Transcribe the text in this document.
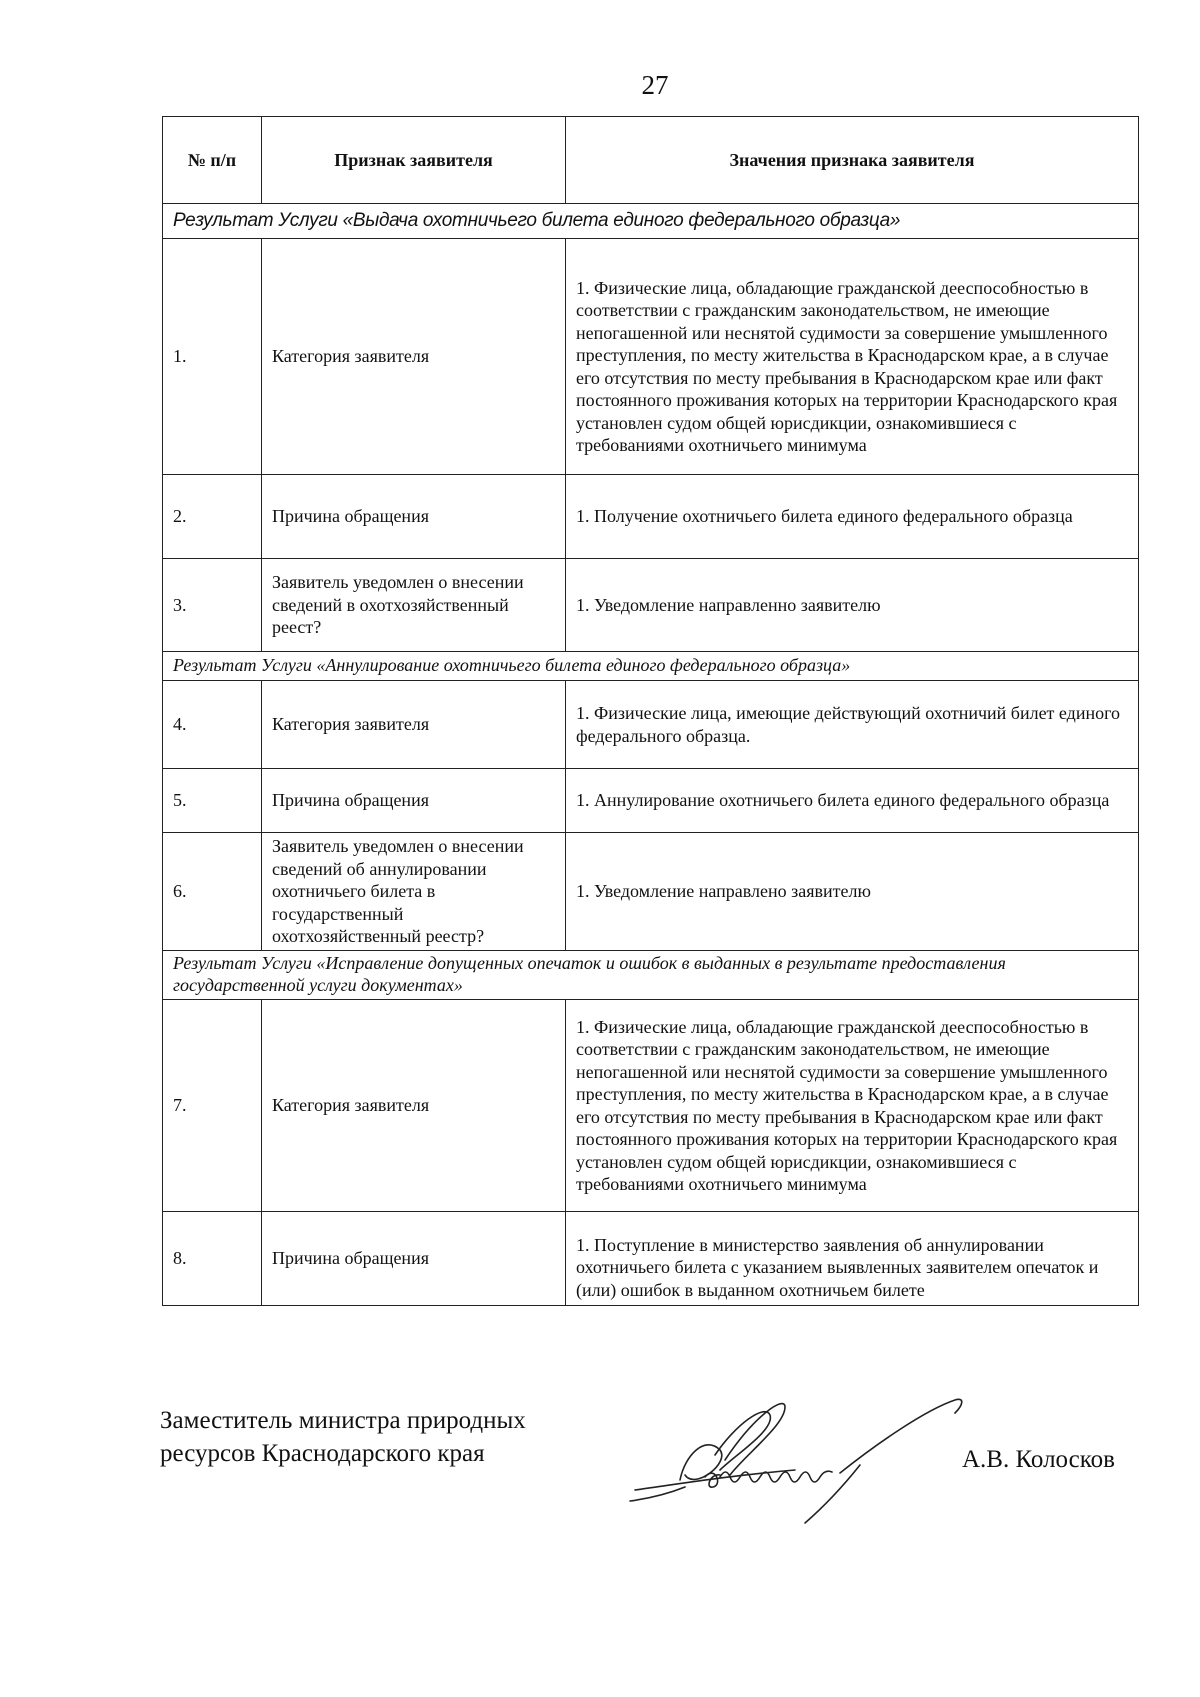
27
№ п/п	Признак заявителя	Значения признака заявителя
Результат Услуги «Выдача охотничьего билета единого федерального образца»		
1.	Категория заявителя	1. Физические лица, обладающие гражданской дееспособностью в соответствии с гражданским законодательством, не имеющие непогашенной или неснятой судимости за совершение умышленного преступления, по месту жительства в Краснодарском крае, а в случае его отсутствия по месту пребывания в Краснодарском крае или факт постоянного проживания которых на территории Краснодарского края установлен судом общей юрисдикции, ознакомившиеся с требованиями охотничьего минимума
2.	Причина обращения	1. Получение охотничьего билета единого федерального образца
3.	Заявитель уведомлен о внесении сведений в охотхозяйственный реест?	1. Уведомление направленно заявителю
Результат Услуги «Аннулирование охотничьего билета единого федерального образца»		
4.	Категория заявителя	1. Физические лица, имеющие действующий охотничий билет единого федерального образца.
5.	Причина обращения	1. Аннулирование охотничьего билета единого федерального образца
6.	Заявитель уведомлен о внесении сведений об аннулировании охотничьего билета в государственный охотхозяйственный реестр?	1. Уведомление направлено заявителю
Результат Услуги «Исправление допущенных опечаток и ошибок в выданных в результате предоставления государственной услуги документах»		
7.	Категория заявителя	1. Физические лица, обладающие гражданской дееспособностью в соответствии с гражданским законодательством, не имеющие непогашенной или неснятой судимости за совершение умышленного преступления, по месту жительства в Краснодарском крае, а в случае его отсутствия по месту пребывания в Краснодарском крае или факт постоянного проживания которых на территории Краснодарского края установлен судом общей юрисдикции, ознакомившиеся с требованиями охотничьего минимума
8.	Причина обращения	1. Поступление в министерство заявления об аннулировании охотничьего билета с указанием выявленных заявителем опечаток и (или) ошибок в выданном охотничьем билете
Заместитель министра природных
ресурсов Краснодарского края	А.В. Колосков
